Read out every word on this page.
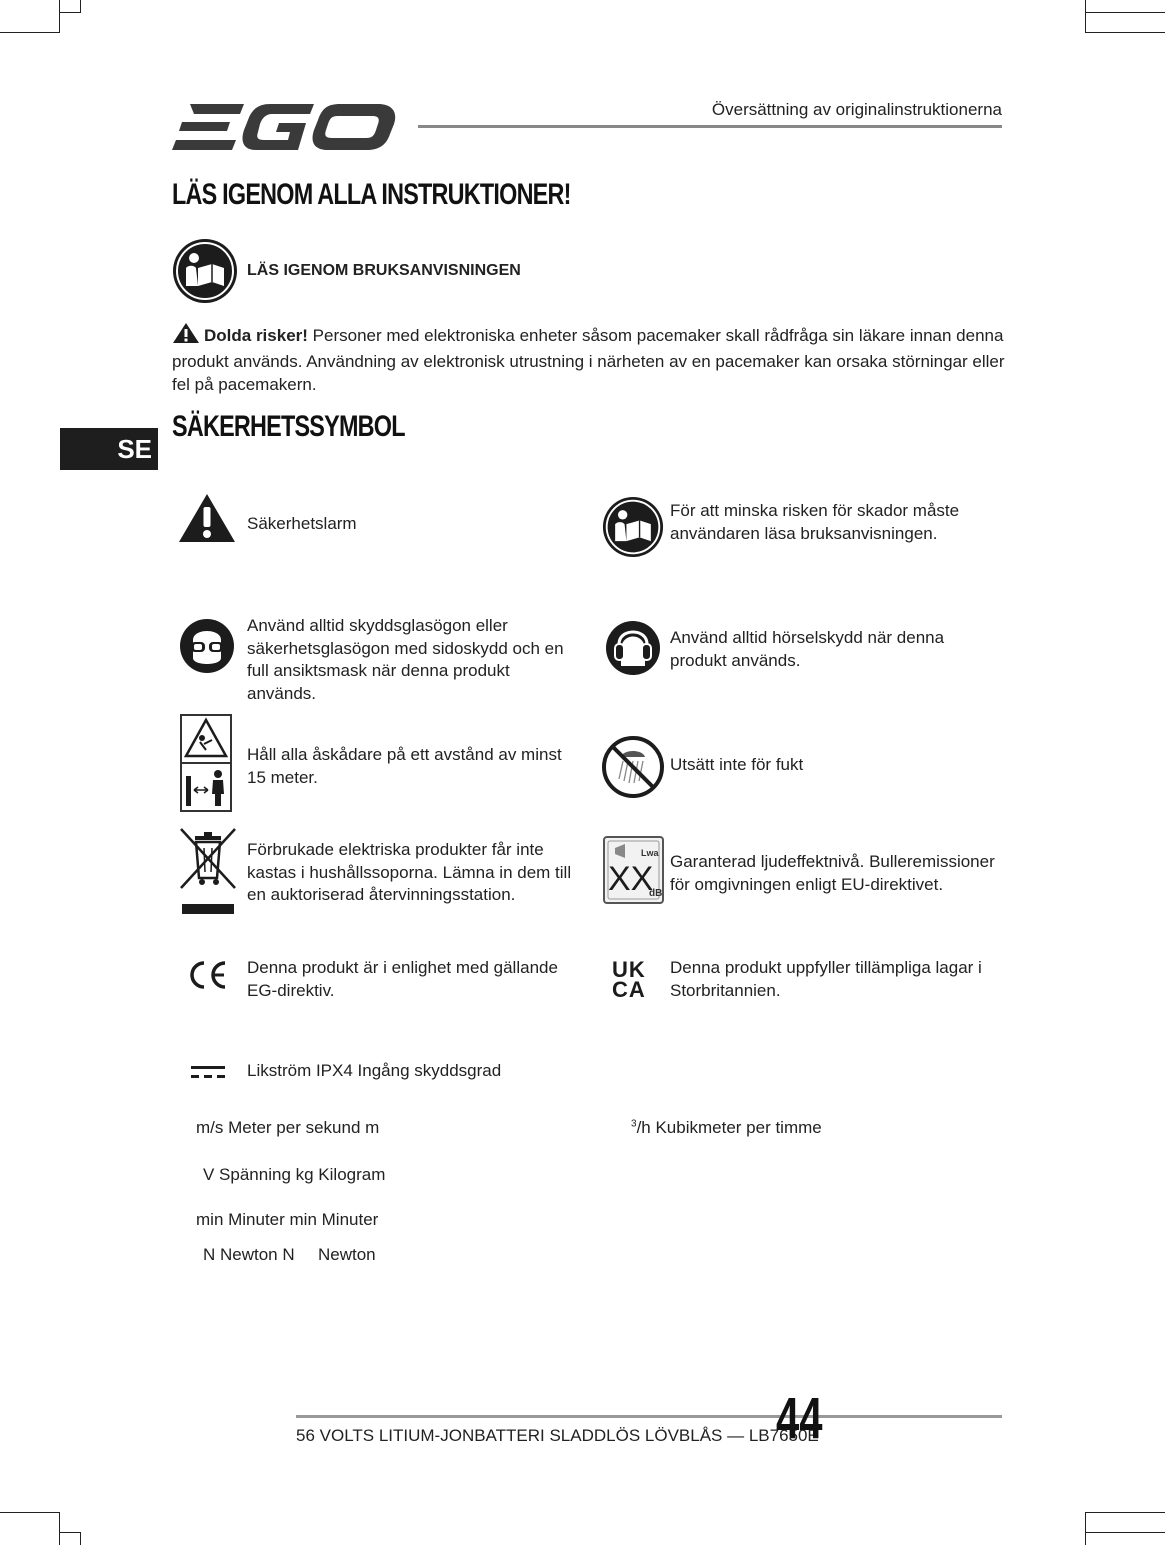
Översättning av originalinstruktionerna
LÄS IGENOM ALLA INSTRUKTIONER!
LÄS IGENOM BRUKSANVISNINGEN
Dolda risker! Personer med elektroniska enheter såsom pacemaker skall rådfråga sin läkare innan denna produkt används. Användning av elektronisk utrustning i närheten av en pacemaker kan orsaka störningar eller fel på pacemakern.
SE
SÄKERHETSSYMBOL
Säkerhetslarm
För att minska risken för skador måste användaren läsa bruksanvisningen.
Använd alltid skyddsglasögon eller säkerhetsglasögon med sidoskydd och en full ansiktsmask när denna produkt används.
Använd alltid hörselskydd när denna produkt används.
Håll alla åskådare på ett avstånd av minst 15 meter.
Utsätt inte för fukt
Förbrukade elektriska produkter får inte kastas i hushållssoporna. Lämna in dem till en auktoriserad återvinningsstation.
Lwa
XX
dB
Garanterad ljudeffektnivå. Bulleremissioner för omgivningen enligt EU-direktivet.
Denna produkt är i enlighet med gällande EG-direktiv.
UK
CA
Denna produkt uppfyller tillämpliga lagar i Storbritannien.
Likström IPX4 Ingång skyddsgrad
m/s Meter per sekund m	$^3$/h Kubikmeter per timme
V Spänning kg Kilogram
min Minuter min Minuter
N Newton N Newton
56 VOLTS LITIUM-JONBATTERI SLADDLÖS LÖVBLÅS — LB7650E
44
